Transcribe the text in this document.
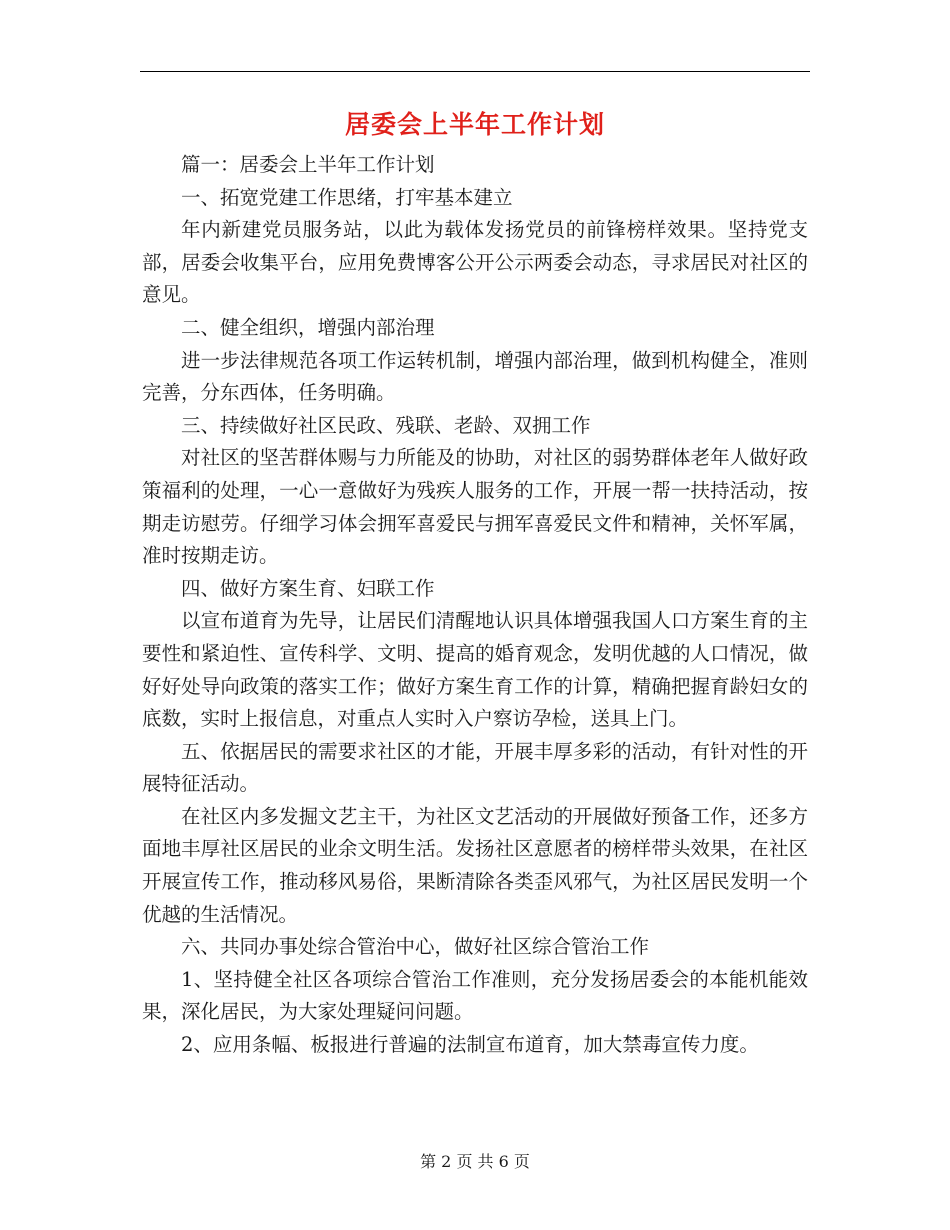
居委会上半年工作计划

篇一：居委会上半年工作计划

一、拓宽党建工作思绪，打牢基本建立

年内新建党员服务站，以此为载体发扬党员的前锋榜样效果。坚持党支部，居委会收集平台，应用免费博客公开公示两委会动态，寻求居民对社区的意见。

二、健全组织，增强内部治理

进一步法律规范各项工作运转机制，增强内部治理，做到机构健全，准则完善，分东西体，任务明确。

三、持续做好社区民政、残联、老龄、双拥工作

对社区的坚苦群体赐与力所能及的协助，对社区的弱势群体老年人做好政策福利的处理，一心一意做好为残疾人服务的工作，开展一帮一扶持活动，按期走访慰劳。仔细学习体会拥军喜爱民与拥军喜爱民文件和精神，关怀军属，准时按期走访。

四、做好方案生育、妇联工作

以宣布道育为先导，让居民们清醒地认识具体增强我国人口方案生育的主要性和紧迫性、宣传科学、文明、提高的婚育观念，发明优越的人口情况，做好好处导向政策的落实工作；做好方案生育工作的计算，精确把握育龄妇女的底数，实时上报信息，对重点人实时入户察访孕检，送具上门。

五、依据居民的需要求社区的才能，开展丰厚多彩的活动，有针对性的开展特征活动。

在社区内多发掘文艺主干，为社区文艺活动的开展做好预备工作，还多方面地丰厚社区居民的业余文明生活。发扬社区意愿者的榜样带头效果，在社区开展宣传工作，推动移风易俗，果断清除各类歪风邪气，为社区居民发明一个优越的生活情况。

六、共同办事处综合管治中心，做好社区综合管治工作

1、坚持健全社区各项综合管治工作准则，充分发扬居委会的本能机能效果，深化居民，为大家处理疑问问题。

2、应用条幅、板报进行普遍的法制宣布道育，加大禁毒宣传力度。

第 2 页 共 6 页
